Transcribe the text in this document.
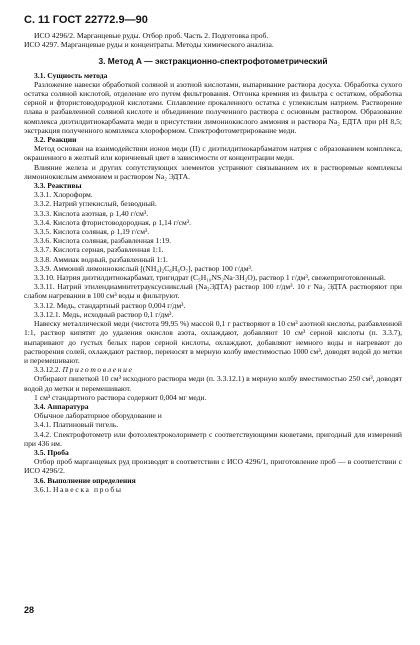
С. 11 ГОСТ 22772.9—90

ИСО 4296/2. Марганцевые руды. Отбор проб. Часть 2. Подготовка проб.

ИСО 4297. Марганцевые руды и концентраты. Методы химического анализа.

3. Метод А — экстракционно-спектрофотометрический

3.1. Сущность метода

Разложение навески обработкой соляной и азотной кислотами, выпаривание раствора досуха. Обработка сухого остатка соляной кислотой, отделение его путем фильтрования. Отгонка кремния из фильтра с остатком, обработка серной и фтористоводородной кислотами. Сплавление прокаленного остатка с углекислым натрием. Растворение плава в разбавленной соляной кислоте и объединение полученного раствора с основным раствором. Образование комплекса диэтилдитиокарбамата меди в присутствии лимоннокислого аммония и раствора Na₂ ЕДТА при pH 8,5; экстракция полученного комплекса хлороформом. Спектрофотометрирование меди.

3.2. Реакции

Метод основан на взаимодействии ионов меди (II) с диэтилдитиокарбаматом натрия с образованием комплекса, окрашенного в желтый или коричневый цвет в зависимости от концентрации меди.

Влияние железа и других сопутствующих элементов устраняют связыванием их в растворимые комплексы лимоннокислым аммонием и раствором Na₂ ЭДТА.

3.3. Реактивы

3.3.1. Хлороформ.

3.3.2. Натрий углекислый, безводный.

3.3.3. Кислота азотная, ρ 1,40 г/см³.

3.3.4. Кислота фтористоводородная, ρ 1,14 г/см³.

3.3.5. Кислота соляная, ρ 1,19 г/см³.

3.3.6. Кислота соляная, разбавленная 1:19.

3.3.7. Кислота серная, разбавленная 1:1.

3.3.8. Аммиак водный, разбавленный 1:1.

3.3.9. Аммоний лимоннокислый [(NH₄)₂C₆H₆O₇], раствор 100 г/дм³.

3.3.10. Натрия диэтилдитиокарбамат, тригидрат (C₅H₁₀NS₂Na·3H₂O), раствор 1 г/дм³, свежеприготовленный.

3.3.11. Натрий этилендиаминтетрауксусникслый (Na₂ЭДТА) раствор 100 г/дм³. 10 г Na₂ ЭДТА растворяют при слабом нагревании в 100 см³ воды и фильтруют.

3.3.12. Медь, стандартный раствор 0,004 г/дм³.

3.3.12.1. Медь, исходный раствор 0,1 г/дм³.

Навеску металлической меди (чистота 99,95 %) массой 0,1 г растворяют в 10 см³ азотной кислоты, разбавленной 1:1, раствор кипятят до удаления окислов азота, охлаждают, добавляют 10 см³ серной кислоты (п. 3.3.7), выпаривают до густых белых паров серной кислоты, охлаждают, добавляют немного воды и нагревают до растворения солей, охлаждают раствор, переносят в мерную колбу вместимостью 1000 см³, доводят водой до метки и перемешивают.

3.3.12.2. Приготовление

Отбирают пипеткой 10 см³ исходного раствора меди (п. 3.3.12.1) в мерную колбу вместимостью 250 см³, доводят водой до метки и перемешивают.

1 см³ стандартного раствора содержит 0,004 мг меди.

3.4. Аппаратура

Обычное лабораторное оборудование и

3.4.1. Платиновый тигель.

3.4.2. Спектрофотометр или фотоэлектроколориметр с соответствующими кюветами, пригодный для измерений при 436 нм.

3.5. Проба

Отбор проб марганцевых руд производят в соответствии с ИСО 4296/1, приготовление проб — в соответствии с ИСО 4296/2.

3.6. Выполнение определения

3.6.1. Навеска пробы

28
